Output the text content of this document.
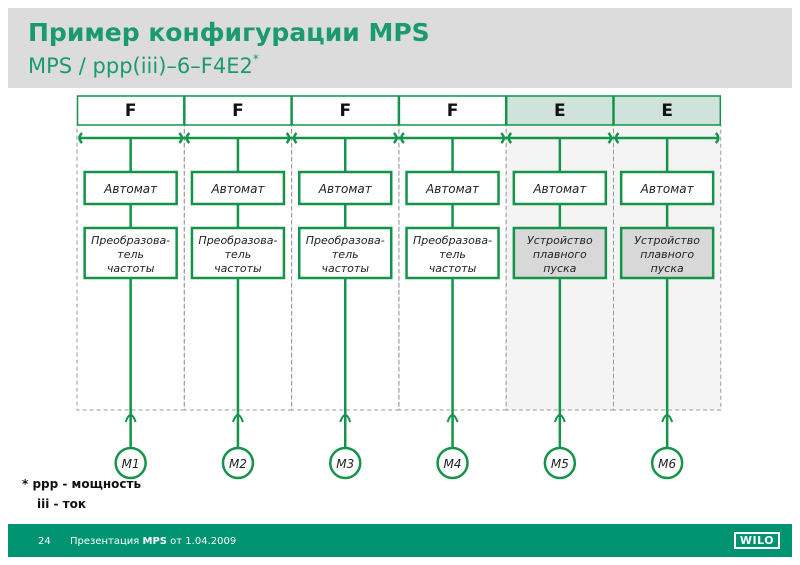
Пример конфигурации MPS
MPS / ppp(iii)–6–F4E2*
F
Автомат
Преобразова-
тель
частоты
M1
F
Автомат
Преобразова-
тель
частоты
M2
F
Автомат
Преобразова-
тель
частоты
M3
F
Автомат
Преобразова-
тель
частоты
M4
E
Автомат
Устройство
плавного
пуска
M5
E
Автомат
Устройство
плавного
пуска
M6
* ppp - мощность
iii - ток
24 Презентация MPS от 1.04.2009	WILO
